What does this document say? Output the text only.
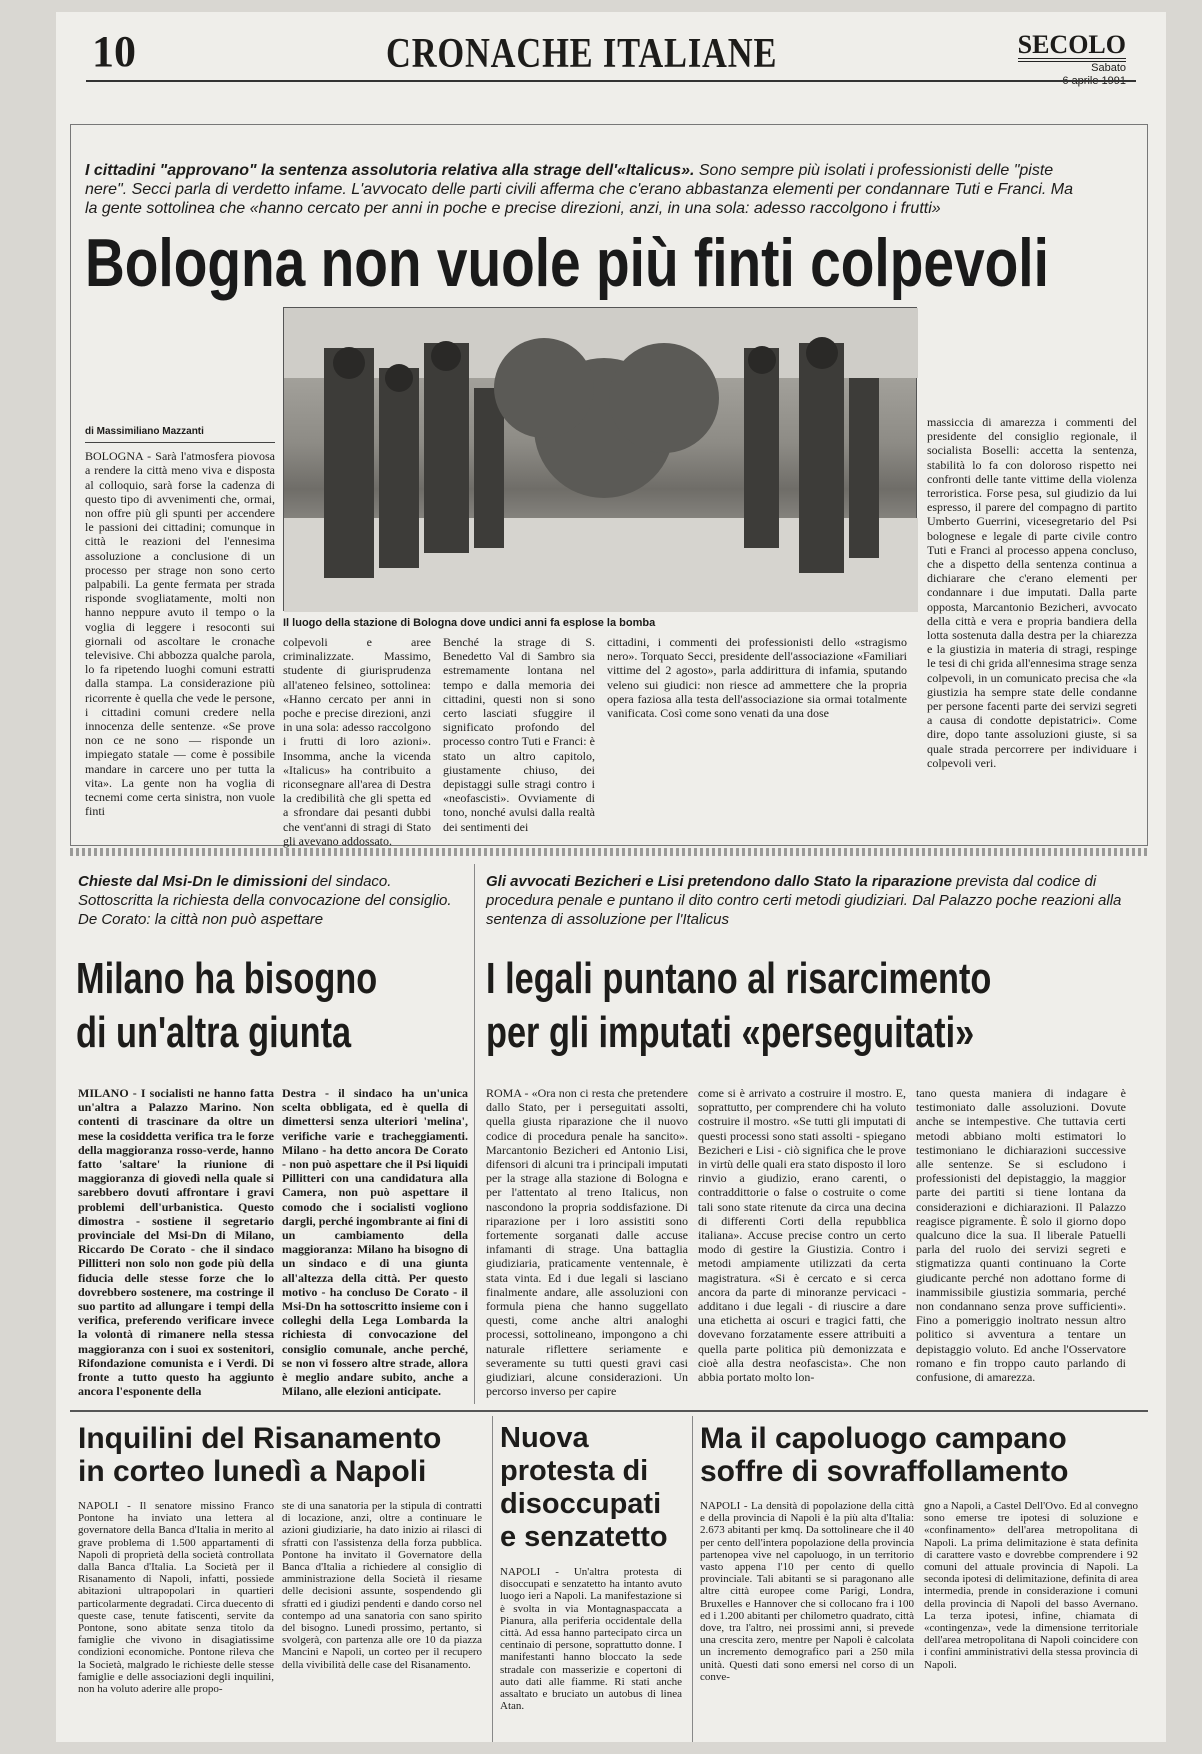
10	CRONACHE ITALIANE	SECOLO
Sabato
6 aprile 1991
I cittadini "approvano" la sentenza assolutoria relativa alla strage dell'«Italicus». Sono sempre più isolati i professionisti delle "piste nere". Secci parla di verdetto infame. L'avvocato delle parti civili afferma che c'erano abbastanza elementi per condannare Tuti e Franci. Ma la gente sottolinea che «hanno cercato per anni in poche e precise direzioni, anzi, in una sola: adesso raccolgono i frutti»
Bologna non vuole più finti colpevoli
di Massimiliano Mazzanti

BOLOGNA - Sarà l'atmosfera piovosa a rendere la città meno viva e disposta al colloquio, sarà forse la cadenza di questo tipo di avvenimenti che, ormai, non offre più gli spunti per accendere le passioni dei cittadini; comunque in città le reazioni del l'ennesima assoluzione a conclusione di un processo per strage non sono certo palpabili. La gente fermata per strada risponde svogliatamente, molti non hanno neppure avuto il tempo o la voglia di leggere i resoconti sui giornali od ascoltare le cronache televisive. Chi abbozza qualche parola, lo fa ripetendo luoghi comuni estratti dalla stampa. La considerazione più ricorrente è quella che vede le persone, i cittadini comuni credere nella innocenza delle sentenze. «Se prove non ce ne sono — risponde un impiegato statale — come è possibile mandare in carcere uno per tutta la vita». La gente non ha voglia di tecnemi come certa sinistra, non vuole finti

Il luogo della stazione di Bologna dove undici anni fa esplose la bomba

colpevoli e aree criminalizzate. Massimo, studente di giurisprudenza all'ateneo felsineo, sottolinea: «Hanno cercato per anni in poche e precise direzioni, anzi in una sola: adesso raccolgono i frutti di loro azioni». Insomma, anche la vicenda «Italicus» ha contribuito a riconsegnare all'area di Destra la credibilità che gli spetta ed a sfrondare dai pesanti dubbi che vent'anni di stragi di Stato gli avevano addossato.

Benché la strage di S. Benedetto Val di Sambro sia estremamente lontana nel tempo e dalla memoria dei cittadini, questi non si sono certo lasciati sfuggire il significato profondo del processo contro Tuti e Franci: è stato un altro capitolo, giustamente chiuso, dei depistaggi sulle stragi contro i «neofascisti». Ovviamente di tono, nonché avulsi dalla realtà dei sentimenti dei

cittadini, i commenti dei professionisti dello «stragismo nero». Torquato Secci, presidente dell'associazione «Familiari vittime del 2 agosto», parla addirittura di infamia, sputando veleno sui giudici: non riesce ad ammettere che la propria opera faziosa alla testa dell'associazione sia ormai totalmente vanificata. Così come sono venati da una dose

massiccia di amarezza i commenti del presidente del consiglio regionale, il socialista Boselli: accetta la sentenza, stabilità lo fa con doloroso rispetto nei confronti delle tante vittime della violenza terroristica. Forse pesa, sul giudizio da lui espresso, il parere del compagno di partito Umberto Guerrini, vicesegretario del Psi bolognese e legale di parte civile contro Tuti e Franci al processo appena concluso, che a dispetto della sentenza continua a dichiarare che c'erano elementi per condannare i due imputati. Dalla parte opposta, Marcantonio Bezicheri, avvocato della città e vera e propria bandiera della lotta sostenuta dalla destra per la chiarezza e la giustizia in materia di stragi, respinge le tesi di chi grida all'ennesima strage senza colpevoli, in un comunicato precisa che «la giustizia ha sempre state delle condanne per persone facenti parte dei servizi segreti a causa di condotte depistatrici». Come dire, dopo tante assoluzioni giuste, si sa quale strada percorrere per individuare i colpevoli veri.

Chieste dal Msi-Dn le dimissioni del sindaco. Sottoscritta la richiesta della convocazione del consiglio. De Corato: la città non può aspettare
Milano ha bisogno
di un'altra giunta

MILANO - I socialisti ne hanno fatta un'altra a Palazzo Marino. Non contenti di trascinare da oltre un mese la cosiddetta verifica tra le forze della maggioranza rosso-verde, hanno fatto 'saltare' la riunione di maggioranza di giovedì nella quale si sarebbero dovuti affrontare i gravi problemi dell'urbanistica. Questo dimostra - sostiene il segretario provinciale del Msi-Dn di Milano, Riccardo De Corato - che il sindaco Pillitteri non solo non gode più della fiducia delle stesse forze che lo dovrebbero sostenere, ma costringe il suo partito ad allungare i tempi della verifica, preferendo verificare invece la volontà di rimanere nella stessa maggioranza con i suoi ex sostenitori, Rifondazione comunista e i Verdi. Di fronte a tutto questo ha aggiunto ancora l'esponente della

Destra - il sindaco ha un'unica scelta obbligata, ed è quella di dimettersi senza ulteriori 'melina', verifiche varie e tracheggiamenti. Milano - ha detto ancora De Corato - non può aspettare che il Psi liquidi Pillitteri con una candidatura alla Camera, non può aspettare il comodo che i socialisti vogliono dargli, perché ingombrante ai fini di un cambiamento della maggioranza: Milano ha bisogno di un sindaco e di una giunta all'altezza della città. Per questo motivo - ha concluso De Corato - il Msi-Dn ha sottoscritto insieme con i colleghi della Lega Lombarda la richiesta di convocazione del consiglio comunale, anche perché, se non vi fossero altre strade, allora è meglio andare subito, anche a Milano, alle elezioni anticipate.

Gli avvocati Bezicheri e Lisi pretendono dallo Stato la riparazione prevista dal codice di procedura penale e puntano il dito contro certi metodi giudiziari. Dal Palazzo poche reazioni alla sentenza di assoluzione per l'Italicus
I legali puntano al risarcimento
per gli imputati «perseguitati»

ROMA - «Ora non ci resta che pretendere dallo Stato, per i perseguitati assolti, quella giusta riparazione che il nuovo codice di procedura penale ha sancito». Marcantonio Bezicheri ed Antonio Lisi, difensori di alcuni tra i principali imputati per la strage alla stazione di Bologna e per l'attentato al treno Italicus, non nascondono la propria soddisfazione. Di riparazione per i loro assistiti sono fortemente sorganati dalle accuse infamanti di strage. Una battaglia giudiziaria, praticamente ventennale, è stata vinta. Ed i due legali si lasciano finalmente andare, alle assoluzioni con formula piena che hanno suggellato questi, come anche altri analoghi processi, sottolineano, impongono a chi naturale riflettere seriamente e severamente su tutti questi gravi casi giudiziari, alcune considerazioni. Un percorso inverso per capire

come si è arrivato a costruire il mostro. E, soprattutto, per comprendere chi ha voluto costruire il mostro. «Se tutti gli imputati di questi processi sono stati assolti - spiegano Bezicheri e Lisi - ciò significa che le prove in virtù delle quali era stato disposto il loro rinvio a giudizio, erano carenti, o contraddittorie o false o costruite o come tali sono state ritenute da circa una decina di differenti Corti della repubblica italiana». Accuse precise contro un certo modo di gestire la Giustizia. Contro i metodi ampiamente utilizzati da certa magistratura. «Si è cercato e si cerca ancora da parte di minoranze pervicaci - additano i due legali - di riuscire a dare una etichetta ai oscuri e tragici fatti, che dovevano forzatamente essere attribuiti a quella parte politica più demonizzata e cioè alla destra neofascista». Che non abbia portato molto lon-

tano questa maniera di indagare è testimoniato dalle assoluzioni. Dovute anche se intempestive. Che tuttavia certi metodi abbiano molti estimatori lo testimoniano le dichiarazioni successive alle sentenze. Se si escludono i professionisti del depistaggio, la maggior parte dei partiti si tiene lontana da considerazioni e dichiarazioni. Il Palazzo reagisce pigramente. È solo il giorno dopo qualcuno dice la sua. Il liberale Patuelli parla del ruolo dei servizi segreti e stigmatizza quanti continuano la Corte giudicante perché non adottano forme di inammissibile giustizia sommaria, perché non condannano senza prove sufficienti». Fino a pomeriggio inoltrato nessun altro politico si avventura a tentare un depistaggio voluto. Ed anche l'Osservatore romano e fin troppo cauto parlando di confusione, di amarezza.

Inquilini del Risanamento
in corteo lunedì a Napoli

NAPOLI - Il senatore missino Franco Pontone ha inviato una lettera al governatore della Banca d'Italia in merito al grave problema di 1.500 appartamenti di Napoli di proprietà della società controllata dalla Banca d'Italia. La Società per il Risanamento di Napoli, infatti, possiede abitazioni ultrapopolari in quartieri particolarmente degradati. Circa duecento di queste case, tenute fatiscenti, servite da Pontone, sono abitate senza titolo da famiglie che vivono in disagiatissime condizioni economiche. Pontone rileva che la Società, malgrado le richieste delle stesse famiglie e delle associazioni degli inquilini, non ha voluto aderire alle propo-

ste di una sanatoria per la stipula di contratti di locazione, anzi, oltre a continuare le azioni giudiziarie, ha dato inizio ai rilasci di sfratti con l'assistenza della forza pubblica. Pontone ha invitato il Governatore della Banca d'Italia a richiedere al consiglio di amministrazione della Società il riesame delle decisioni assunte, sospendendo gli sfratti ed i giudizi pendenti e dando corso nel contempo ad una sanatoria con sano spirito del bisogno. Lunedì prossimo, pertanto, si svolgerà, con partenza alle ore 10 da piazza Mancini e Napoli, un corteo per il recupero della vivibilità delle case del Risanamento.

Nuova
protesta di
disoccupati
e senzatetto

NAPOLI - Un'altra protesta di disoccupati e senzatetto ha intanto avuto luogo ieri a Napoli. La manifestazione si è svolta in via Montagnaspaccata a Pianura, alla periferia occidentale della città. Ad essa hanno partecipato circa un centinaio di persone, soprattutto donne. I manifestanti hanno bloccato la sede stradale con masserizie e copertoni di auto dati alle fiamme. Ri stati anche assaltato e bruciato un autobus di linea Atan.

Ma il capoluogo campano
soffre di sovraffollamento

NAPOLI - La densità di popolazione della città e della provincia di Napoli è la più alta d'Italia: 2.673 abitanti per kmq. Da sottolineare che il 40 per cento dell'intera popolazione della provincia partenopea vive nel capoluogo, in un territorio vasto appena l'10 per cento di quello provinciale. Tali abitanti se si paragonano alle altre città europee come Parigi, Londra, Bruxelles e Hannover che si collocano fra i 100 ed i 1.200 abitanti per chilometro quadrato, città dove, tra l'altro, nei prossimi anni, si prevede una crescita zero, mentre per Napoli è calcolata un incremento demografico pari a 250 mila unità. Questi dati sono emersi nel corso di un conve-

gno a Napoli, a Castel Dell'Ovo. Ed al convegno sono emerse tre ipotesi di soluzione e «confinamento» dell'area metropolitana di Napoli. La prima delimitazione è stata definita di carattere vasto e dovrebbe comprendere i 92 comuni del attuale provincia di Napoli. La seconda ipotesi di delimitazione, definita di area intermedia, prende in considerazione i comuni della provincia di Napoli del basso Avernano. La terza ipotesi, infine, chiamata di «contingenza», vede la dimensione territoriale dell'area metropolitana di Napoli coincidere con i confini amministrativi della stessa provincia di Napoli.
